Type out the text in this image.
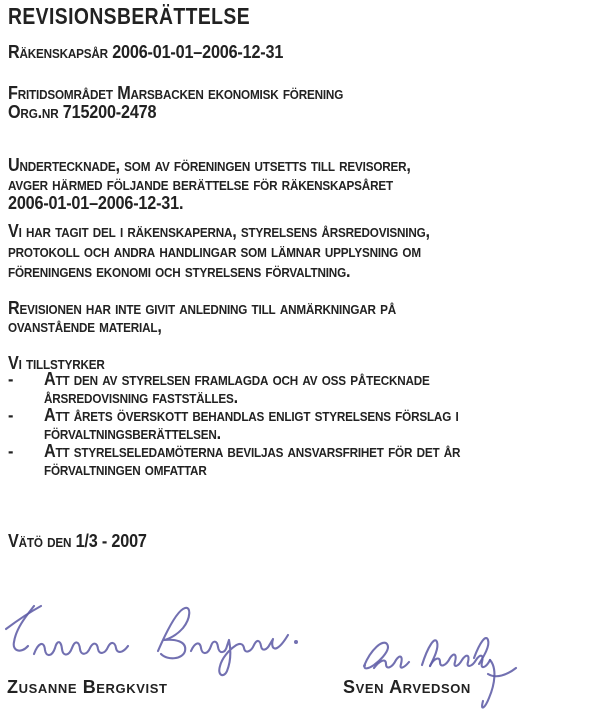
REVISIONSBERÄTTELSE
Räkenskapsår 2006-01-01–2006-12-31
Fritidsområdet Marsbacken ekonomisk förening
Org.nr 715200-2478
Undertecknade, som av föreningen utsetts till revisorer,
avger härmed följande berättelse för räkenskapsåret
2006-01-01–2006-12-31.
Vi har tagit del i räkenskaperna, styrelsens årsredovisning,
protokoll och andra handlingar som lämnar upplysning om
föreningens ekonomi och styrelsens förvaltning.
Revisionen har inte givit anledning till anmärkningar på
ovanstående material,
Vi tillstyrker
-	Att den av styrelsen framlagda och av oss påtecknade
årsredovisning fastställes.
-	Att årets överskott behandlas enligt styrelsens förslag i
förvaltningsberättelsen.
-	Att styrelseledamöterna beviljas ansvarsfrihet för det år
förvaltningen omfattar
Vätö den 1/3 - 2007
Zusanne Bergkvist	Sven Arvedson
